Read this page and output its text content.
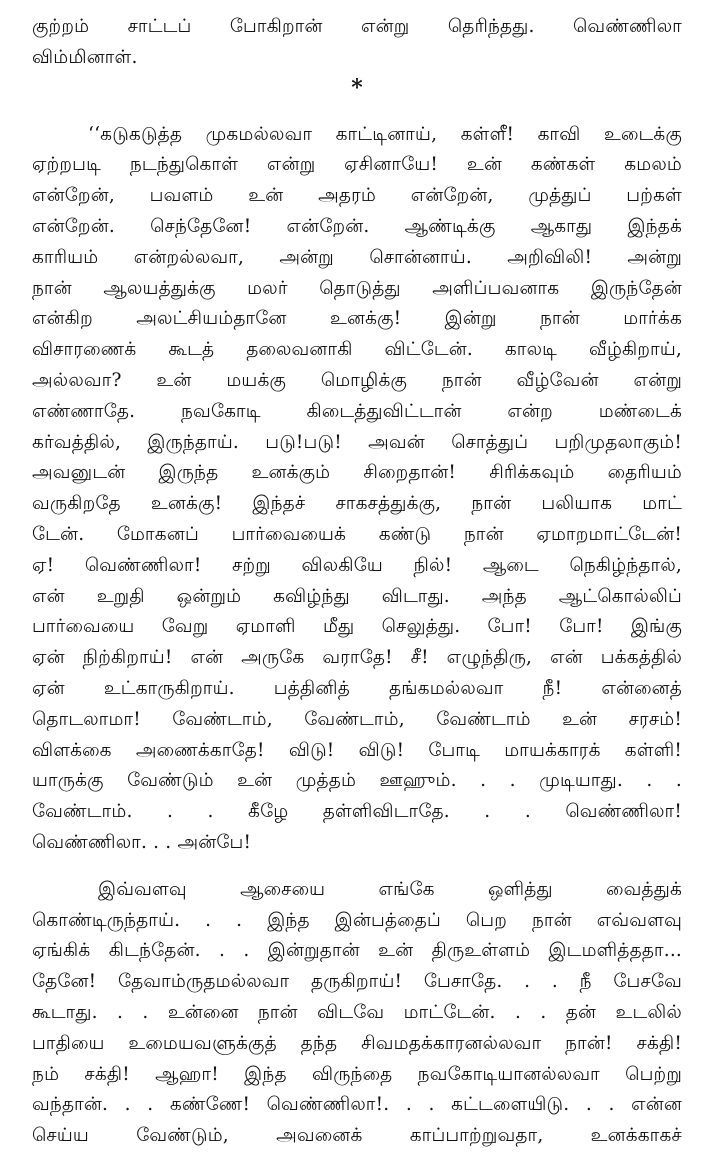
குற்றம் சாட்டப் போகிறான் என்று தெரிந்தது. வெண்ணிலா
விம்மினாள்.
*
‘‘கடுகடுத்த முகமல்லவா காட்டினாய், கள்ளீ! காவி உடைக்கு
ஏற்றபடி நடந்துகொள் என்று ஏசினாயே! உன் கண்கள் கமலம்
என்றேன், பவளம் உன் அதரம் என்றேன், முத்துப் பற்கள்
என்றேன். செந்தேனே! என்றேன். ஆண்டிக்கு ஆகாது இந்தக்
காரியம் என்றல்லவா, அன்று சொன்னாய். அறிவிலி! அன்று
நான் ஆலயத்துக்கு மலர் தொடுத்து அளிப்பவனாக இருந்தேன்
என்கிற அலட்சியம்தானே உனக்கு! இன்று நான் மார்க்க
விசாரணைக் கூடத் தலைவனாகி விட்டேன். காலடி வீழ்கிறாய்,
அல்லவா? உன் மயக்கு மொழிக்கு நான் வீழ்வேன் என்று
எண்ணாதே. நவகோடி கிடைத்துவிட்டான் என்ற மண்டைக்
கர்வத்தில், இருந்தாய். படு!படு! அவன் சொத்துப் பறிமுதலாகும்!
அவனுடன் இருந்த உனக்கும் சிறைதான்! சிரிக்கவும் தைரியம்
வருகிறதே உனக்கு! இந்தச் சாகசத்துக்கு, நான் பலியாக மாட்
டேன். மோகனப் பார்வையைக் கண்டு நான் ஏமாறமாட்டேன்!
ஏ! வெண்ணிலா! சற்று விலகியே நில்! ஆடை நெகிழ்ந்தால்,
என் உறுதி ஒன்றும் கவிழ்ந்து விடாது. அந்த ஆட்கொல்லிப்
பார்வையை வேறு ஏமாளி மீது செலுத்து. போ! போ! இங்கு
ஏன் நிற்கிறாய்! என் அருகே வராதே! சீ! எழுந்திரு, என் பக்கத்தில்
ஏன் உட்காருகிறாய். பத்தினித் தங்கமல்லவா நீ! என்னைத்
தொடலாமா! வேண்டாம், வேண்டாம், வேண்டாம் உன் சரசம்!
விளக்கை அணைக்காதே! விடு! விடு! போடி மாயக்காரக் கள்ளி!
யாருக்கு வேண்டும் உன் முத்தம் ஊஹும். . . முடியாது. . .
வேண்டாம். . . கீழே தள்ளிவிடாதே. . . வெண்ணிலா!
வெண்ணிலா. . . அன்பே!
இவ்வளவு ஆசையை எங்கே ஒளித்து வைத்துக்
கொண்டிருந்தாய். . . இந்த இன்பத்தைப் பெற நான் எவ்வளவு
ஏங்கிக் கிடந்தேன். . . இன்றுதான் உன் திருஉள்ளம் இடமளித்ததா...
தேனே! தேவாம்ருதமல்லவா தருகிறாய்! பேசாதே. . . நீ பேசவே
கூடாது. . . உன்னை நான் விடவே மாட்டேன். . . தன் உடலில்
பாதியை உமையவளுக்குத் தந்த சிவமதக்காரனல்லவா நான்! சக்தி!
நம் சக்தி! ஆஹா! இந்த விருந்தை நவகோடியானல்லவா பெற்று
வந்தான். . . கண்ணே! வெண்ணிலா!. . . கட்டளையிடு. . . என்ன
செய்ய வேண்டும், அவனைக் காப்பாற்றுவதா, உனக்காகச்
